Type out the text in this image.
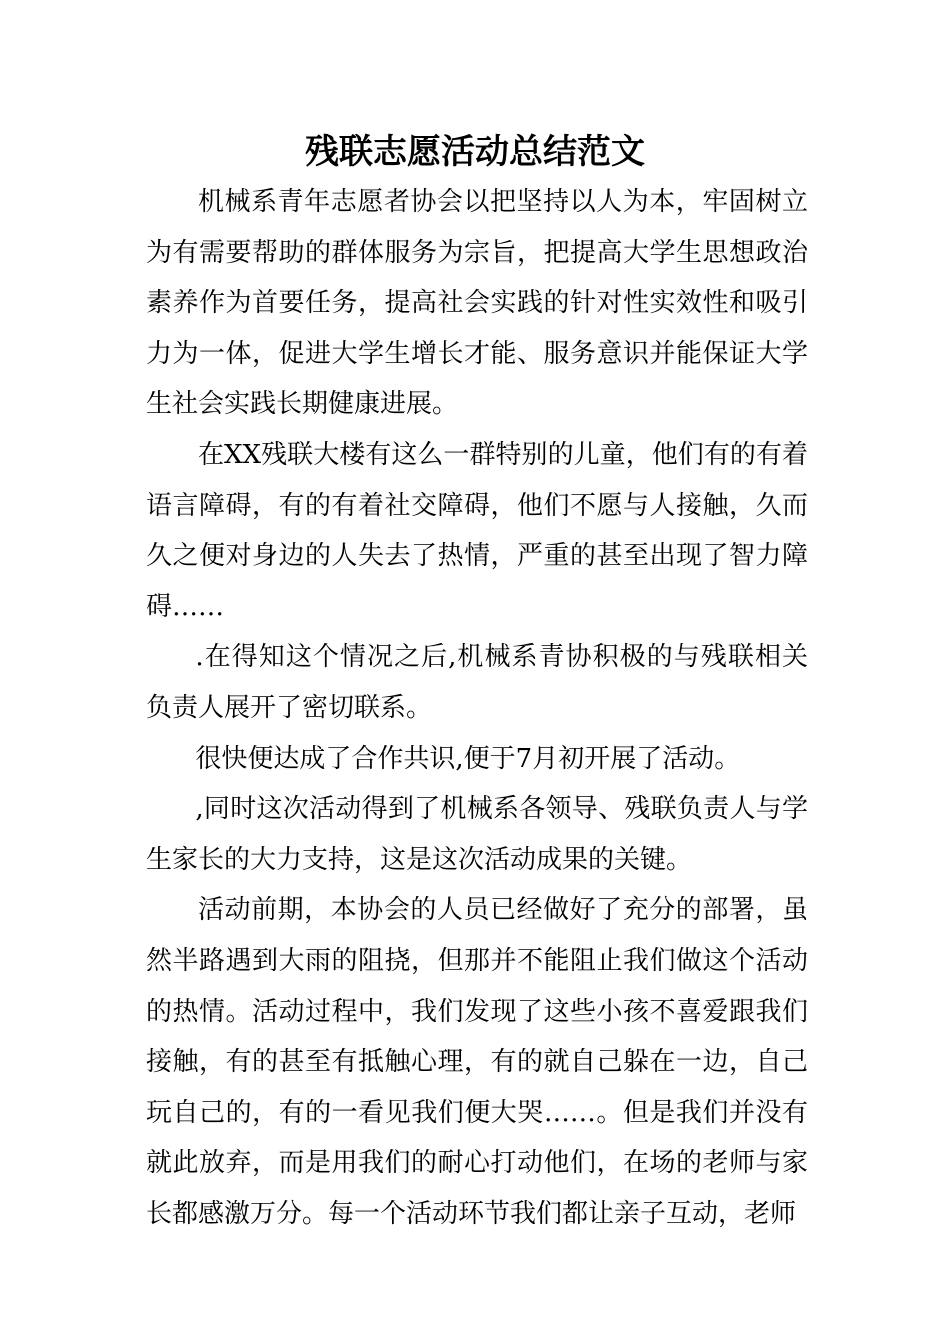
残联志愿活动总结范文

机械系青年志愿者协会以把坚持以人为本，牢固树立为有需要帮助的群体服务为宗旨，把提高大学生思想政治素养作为首要任务，提高社会实践的针对性实效性和吸引力为一体，促进大学生增长才能、服务意识并能保证大学生社会实践长期健康进展。

在XX残联大楼有这么一群特别的儿童，他们有的有着语言障碍，有的有着社交障碍，他们不愿与人接触，久而久之便对身边的人失去了热情，严重的甚至出现了智力障碍……

.在得知这个情况之后,机械系青协积极的与残联相关负责人展开了密切联系。

很快便达成了合作共识,便于7月初开展了活动。

,同时这次活动得到了机械系各领导、残联负责人与学生家长的大力支持，这是这次活动成果的关键。

活动前期，本协会的人员已经做好了充分的部署，虽然半路遇到大雨的阻挠，但那并不能阻止我们做这个活动的热情。活动过程中，我们发现了这些小孩不喜爱跟我们接触，有的甚至有抵触心理，有的就自己躲在一边，自己玩自己的，有的一看见我们便大哭……。但是我们并没有就此放弃，而是用我们的耐心打动他们，在场的老师与家长都感激万分。每一个活动环节我们都让亲子互动，老师
